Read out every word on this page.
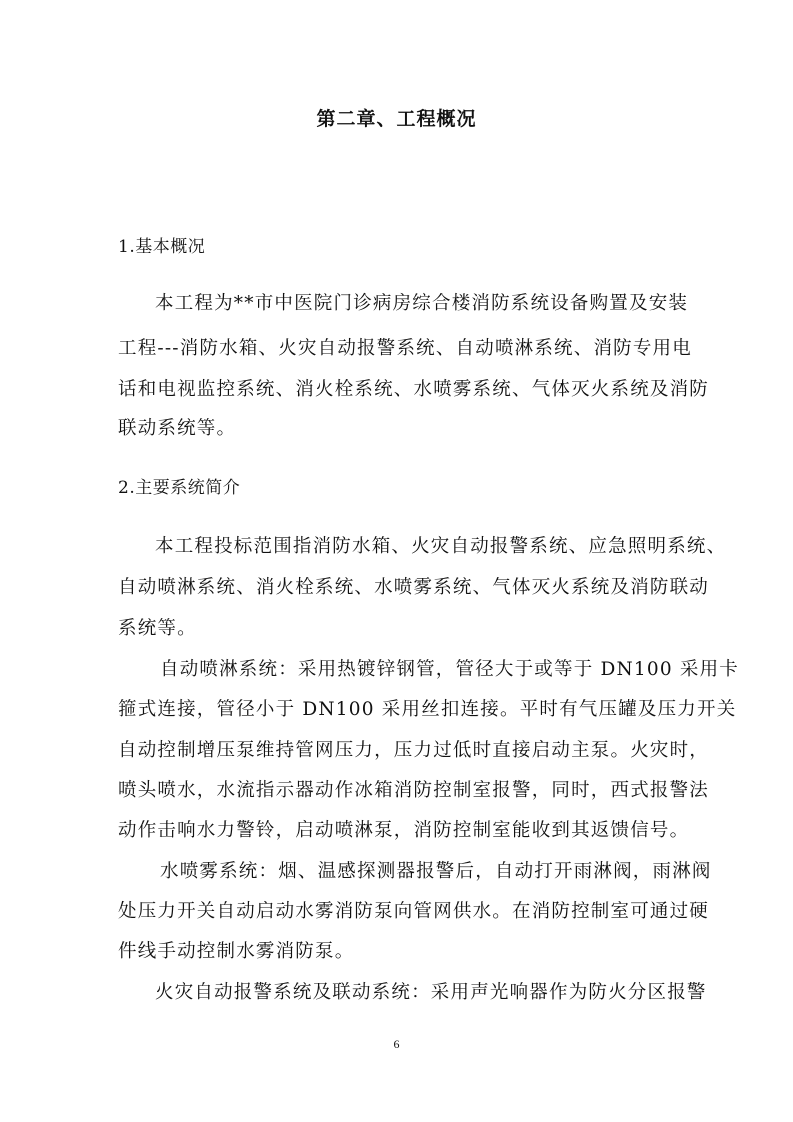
第二章、工程概况
1.基本概况
本工程为**市中医院门诊病房综合楼消防系统设备购置及安装
工程---消防水箱、火灾自动报警系统、自动喷淋系统、消防专用电
话和电视监控系统、消火栓系统、水喷雾系统、气体灭火系统及消防
联动系统等。
2.主要系统简介
本工程投标范围指消防水箱、火灾自动报警系统、应急照明系统、
自动喷淋系统、消火栓系统、水喷雾系统、气体灭火系统及消防联动
系统等。
自动喷淋系统：采用热镀锌钢管，管径大于或等于 DN100 采用卡
箍式连接，管径小于 DN100 采用丝扣连接。平时有气压罐及压力开关
自动控制增压泵维持管网压力，压力过低时直接启动主泵。火灾时，
喷头喷水，水流指示器动作冰箱消防控制室报警，同时，西式报警法
动作击响水力警铃，启动喷淋泵，消防控制室能收到其返馈信号。
水喷雾系统：烟、温感探测器报警后，自动打开雨淋阀，雨淋阀
处压力开关自动启动水雾消防泵向管网供水。在消防控制室可通过硬
件线手动控制水雾消防泵。
火灾自动报警系统及联动系统：采用声光响器作为防火分区报警
6
